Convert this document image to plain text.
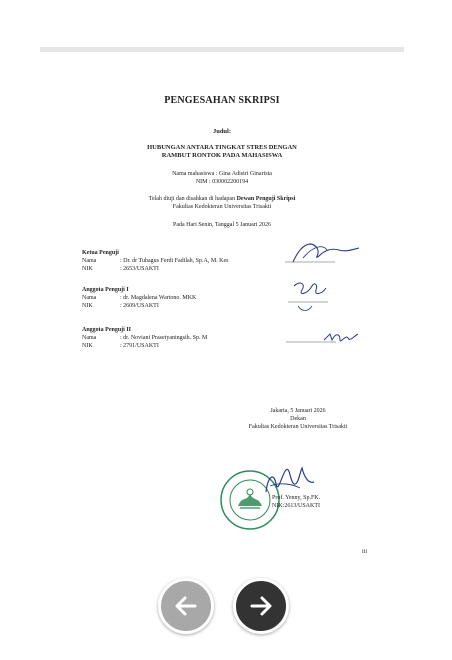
PENGESAHAN SKRIPSI
Judul:
HUBUNGAN ANTARA TINGKAT STRES DENGAN
RAMBUT RONTOK PADA MAHASISWA
Nama mahasiswa : Gina Adistri Ginarista
NIM : 030002200194
Telah diuji dan disahkan di hadapan Dewan Penguji Skripsi
Fakultas Kedokteran Universitas Trisakti
Pada Hari Senin, Tanggal 5 Januari 2026
Ketua Penguji
Nama	: Dr. dr Tubagus Ferdi Fadilah, Sp.A, M. Kes
NIK	: 2653/USAKTI
Anggota Penguji I
Nama	: dr. Magdalena Wartono. MKK
NIK	: 2609/USAKTI
Anggota Penguji II
Nama	: dr. Noviani Prasetyaningsih. Sp. M
NIK	: 2791/USAKTI
Jakarta, 5 Januari 2026
Dekan
Fakultas Kedokteran Universitas Trisakti
Prof. Yenny, Sp.FK.
NIK:2613/USAKTI
iii
